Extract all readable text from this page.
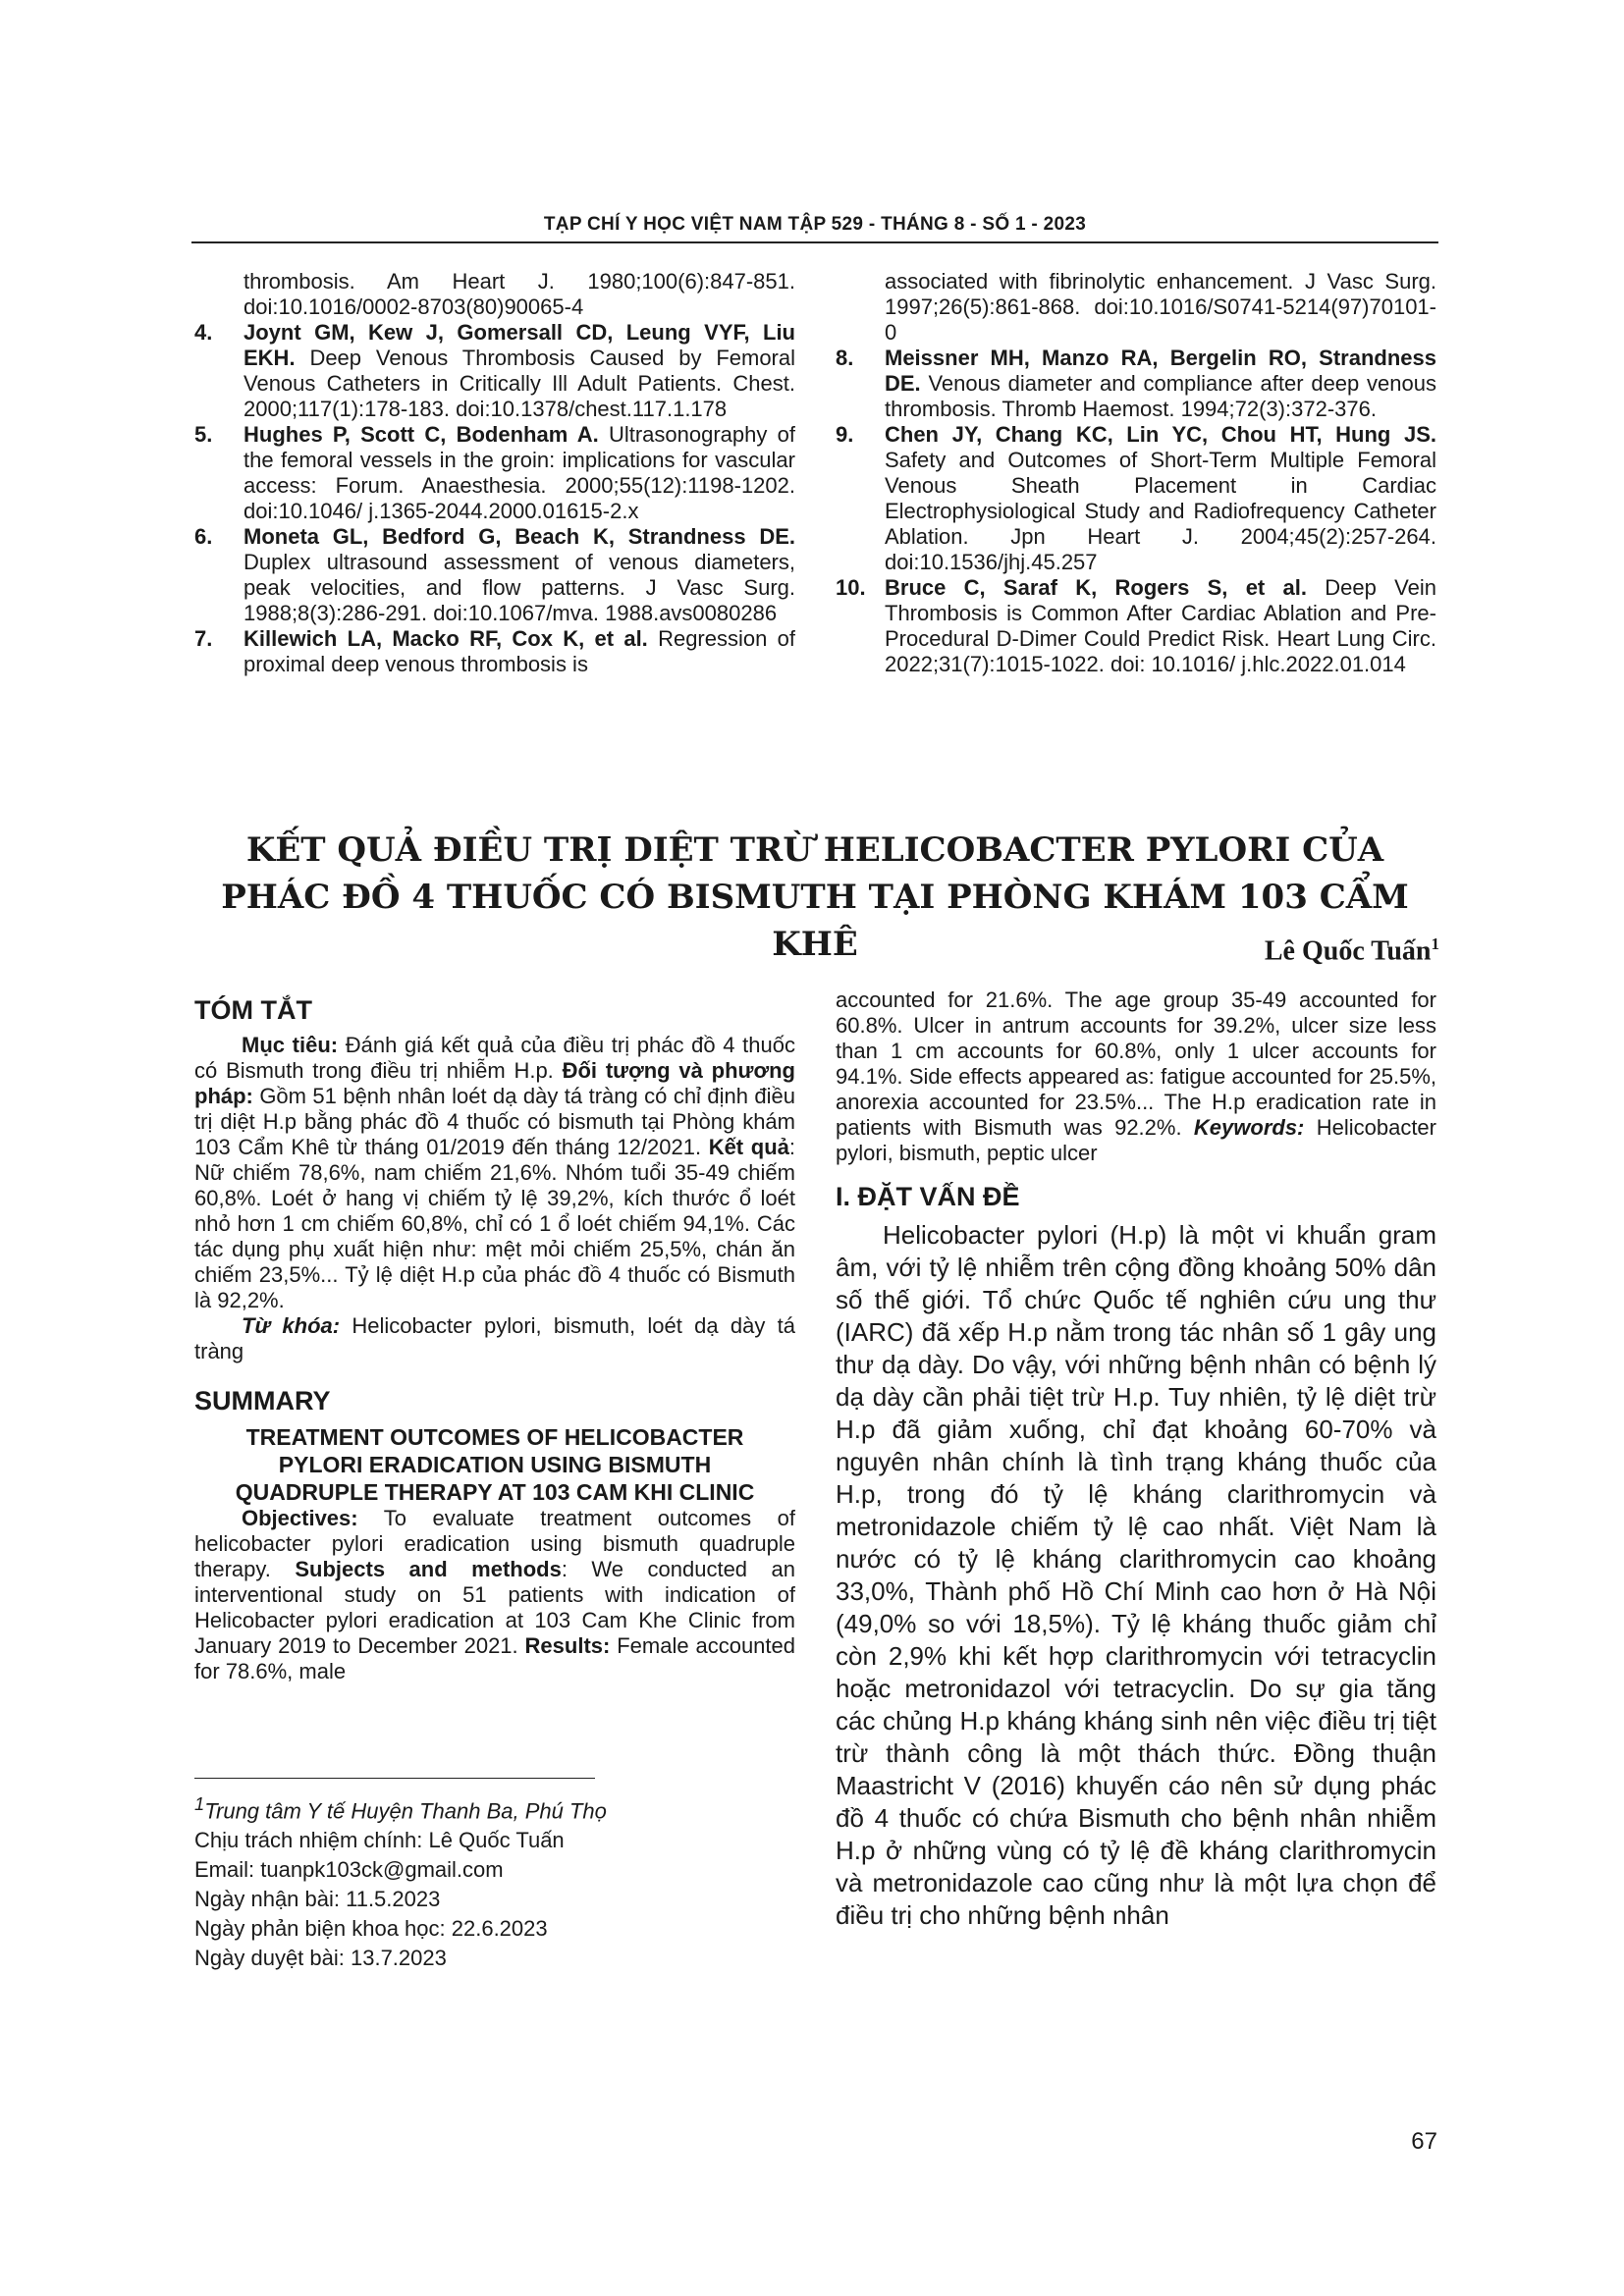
TẠP CHÍ Y HỌC VIỆT NAM TẬP 529 - THÁNG 8 - SỐ 1 - 2023

thrombosis. Am Heart J. 1980;100(6):847-851. doi:10.1016/0002-8703(80)90065-4

4. Joynt GM, Kew J, Gomersall CD, Leung VYF, Liu EKH. Deep Venous Thrombosis Caused by Femoral Venous Catheters in Critically Ill Adult Patients. Chest. 2000;117(1):178-183. doi:10.1378/chest.117.1.178

5. Hughes P, Scott C, Bodenham A. Ultrasonography of the femoral vessels in the groin: implications for vascular access: Forum. Anaesthesia. 2000;55(12):1198-1202. doi:10.1046/ j.1365-2044.2000.01615-2.x

6. Moneta GL, Bedford G, Beach K, Strandness DE. Duplex ultrasound assessment of venous diameters, peak velocities, and flow patterns. J Vasc Surg. 1988;8(3):286-291. doi:10.1067/mva. 1988.avs0080286

7. Killewich LA, Macko RF, Cox K, et al. Regression of proximal deep venous thrombosis is

associated with fibrinolytic enhancement. J Vasc Surg. 1997;26(5):861-868. doi:10.1016/S0741-5214(97)70101-0

8. Meissner MH, Manzo RA, Bergelin RO, Strandness DE. Venous diameter and compliance after deep venous thrombosis. Thromb Haemost. 1994;72(3):372-376.

9. Chen JY, Chang KC, Lin YC, Chou HT, Hung JS. Safety and Outcomes of Short-Term Multiple Femoral Venous Sheath Placement in Cardiac Electrophysiological Study and Radiofrequency Catheter Ablation. Jpn Heart J. 2004;45(2):257-264. doi:10.1536/jhj.45.257

10. Bruce C, Saraf K, Rogers S, et al. Deep Vein Thrombosis is Common After Cardiac Ablation and Pre-Procedural D-Dimer Could Predict Risk. Heart Lung Circ. 2022;31(7):1015-1022. doi: 10.1016/ j.hlc.2022.01.014

KẾT QUẢ ĐIỀU TRỊ DIỆT TRỪ HELICOBACTER PYLORI CỦA
PHÁC ĐỒ 4 THUỐC CÓ BISMUTH TẠI PHÒNG KHÁM 103 CẨM KHÊ	Lê Quốc Tuấn$^1$
TÓM TẮT

Mục tiêu: Đánh giá kết quả của điều trị phác đồ 4 thuốc có Bismuth trong điều trị nhiễm H.p. Đối tượng và phương pháp: Gồm 51 bệnh nhân loét dạ dày tá tràng có chỉ định điều trị diệt H.p bằng phác đồ 4 thuốc có bismuth tại Phòng khám 103 Cẩm Khê từ tháng 01/2019 đến tháng 12/2021. Kết quả: Nữ chiếm 78,6%, nam chiếm 21,6%. Nhóm tuổi 35-49 chiếm 60,8%. Loét ở hang vị chiếm tỷ lệ 39,2%, kích thước ổ loét nhỏ hơn 1 cm chiếm 60,8%, chỉ có 1 ổ loét chiếm 94,1%. Các tác dụng phụ xuất hiện như: mệt mỏi chiếm 25,5%, chán ăn chiếm 23,5%... Tỷ lệ diệt H.p của phác đồ 4 thuốc có Bismuth là 92,2%.

Từ khóa: Helicobacter pylori, bismuth, loét dạ dày tá tràng

SUMMARY
TREATMENT OUTCOMES OF HELICOBACTER PYLORI ERADICATION USING BISMUTH QUADRUPLE THERAPY AT 103 CAM KHI CLINIC

Objectives: To evaluate treatment outcomes of helicobacter pylori eradication using bismuth quadruple therapy. Subjects and methods: We conducted an interventional study on 51 patients with indication of Helicobacter pylori eradication at 103 Cam Khe Clinic from January 2019 to December 2021. Results: Female accounted for 78.6%, male

accounted for 21.6%. The age group 35-49 accounted for 60.8%. Ulcer in antrum accounts for 39.2%, ulcer size less than 1 cm accounts for 60.8%, only 1 ulcer accounts for 94.1%. Side effects appeared as: fatigue accounted for 25.5%, anorexia accounted for 23.5%... The H.p eradication rate in patients with Bismuth was 92.2%. Keywords: Helicobacter pylori, bismuth, peptic ulcer

I. ĐẶT VẤN ĐỀ

Helicobacter pylori (H.p) là một vi khuẩn gram âm, với tỷ lệ nhiễm trên cộng đồng khoảng 50% dân số thế giới. Tổ chức Quốc tế nghiên cứu ung thư (IARC) đã xếp H.p nằm trong tác nhân số 1 gây ung thư dạ dày. Do vậy, với những bệnh nhân có bệnh lý dạ dày cần phải tiệt trừ H.p. Tuy nhiên, tỷ lệ diệt trừ H.p đã giảm xuống, chỉ đạt khoảng 60-70% và nguyên nhân chính là tình trạng kháng thuốc của H.p, trong đó tỷ lệ kháng clarithromycin và metronidazole chiếm tỷ lệ cao nhất. Việt Nam là nước có tỷ lệ kháng clarithromycin cao khoảng 33,0%, Thành phố Hồ Chí Minh cao hơn ở Hà Nội (49,0% so với 18,5%). Tỷ lệ kháng thuốc giảm chỉ còn 2,9% khi kết hợp clarithromycin với tetracyclin hoặc metronidazol với tetracyclin. Do sự gia tăng các chủng H.p kháng kháng sinh nên việc điều trị tiệt trừ thành công là một thách thức. Đồng thuận Maastricht V (2016) khuyến cáo nên sử dụng phác đồ 4 thuốc có chứa Bismuth cho bệnh nhân nhiễm H.p ở những vùng có tỷ lệ đề kháng clarithromycin và metronidazole cao cũng như là một lựa chọn để điều trị cho những bệnh nhân

$^1$Trung tâm Y tế Huyện Thanh Ba, Phú Thọ
Chịu trách nhiệm chính: Lê Quốc Tuấn
Email: tuanpk103ck@gmail.com
Ngày nhận bài: 11.5.2023
Ngày phản biện khoa học: 22.6.2023
Ngày duyệt bài: 13.7.2023
67
